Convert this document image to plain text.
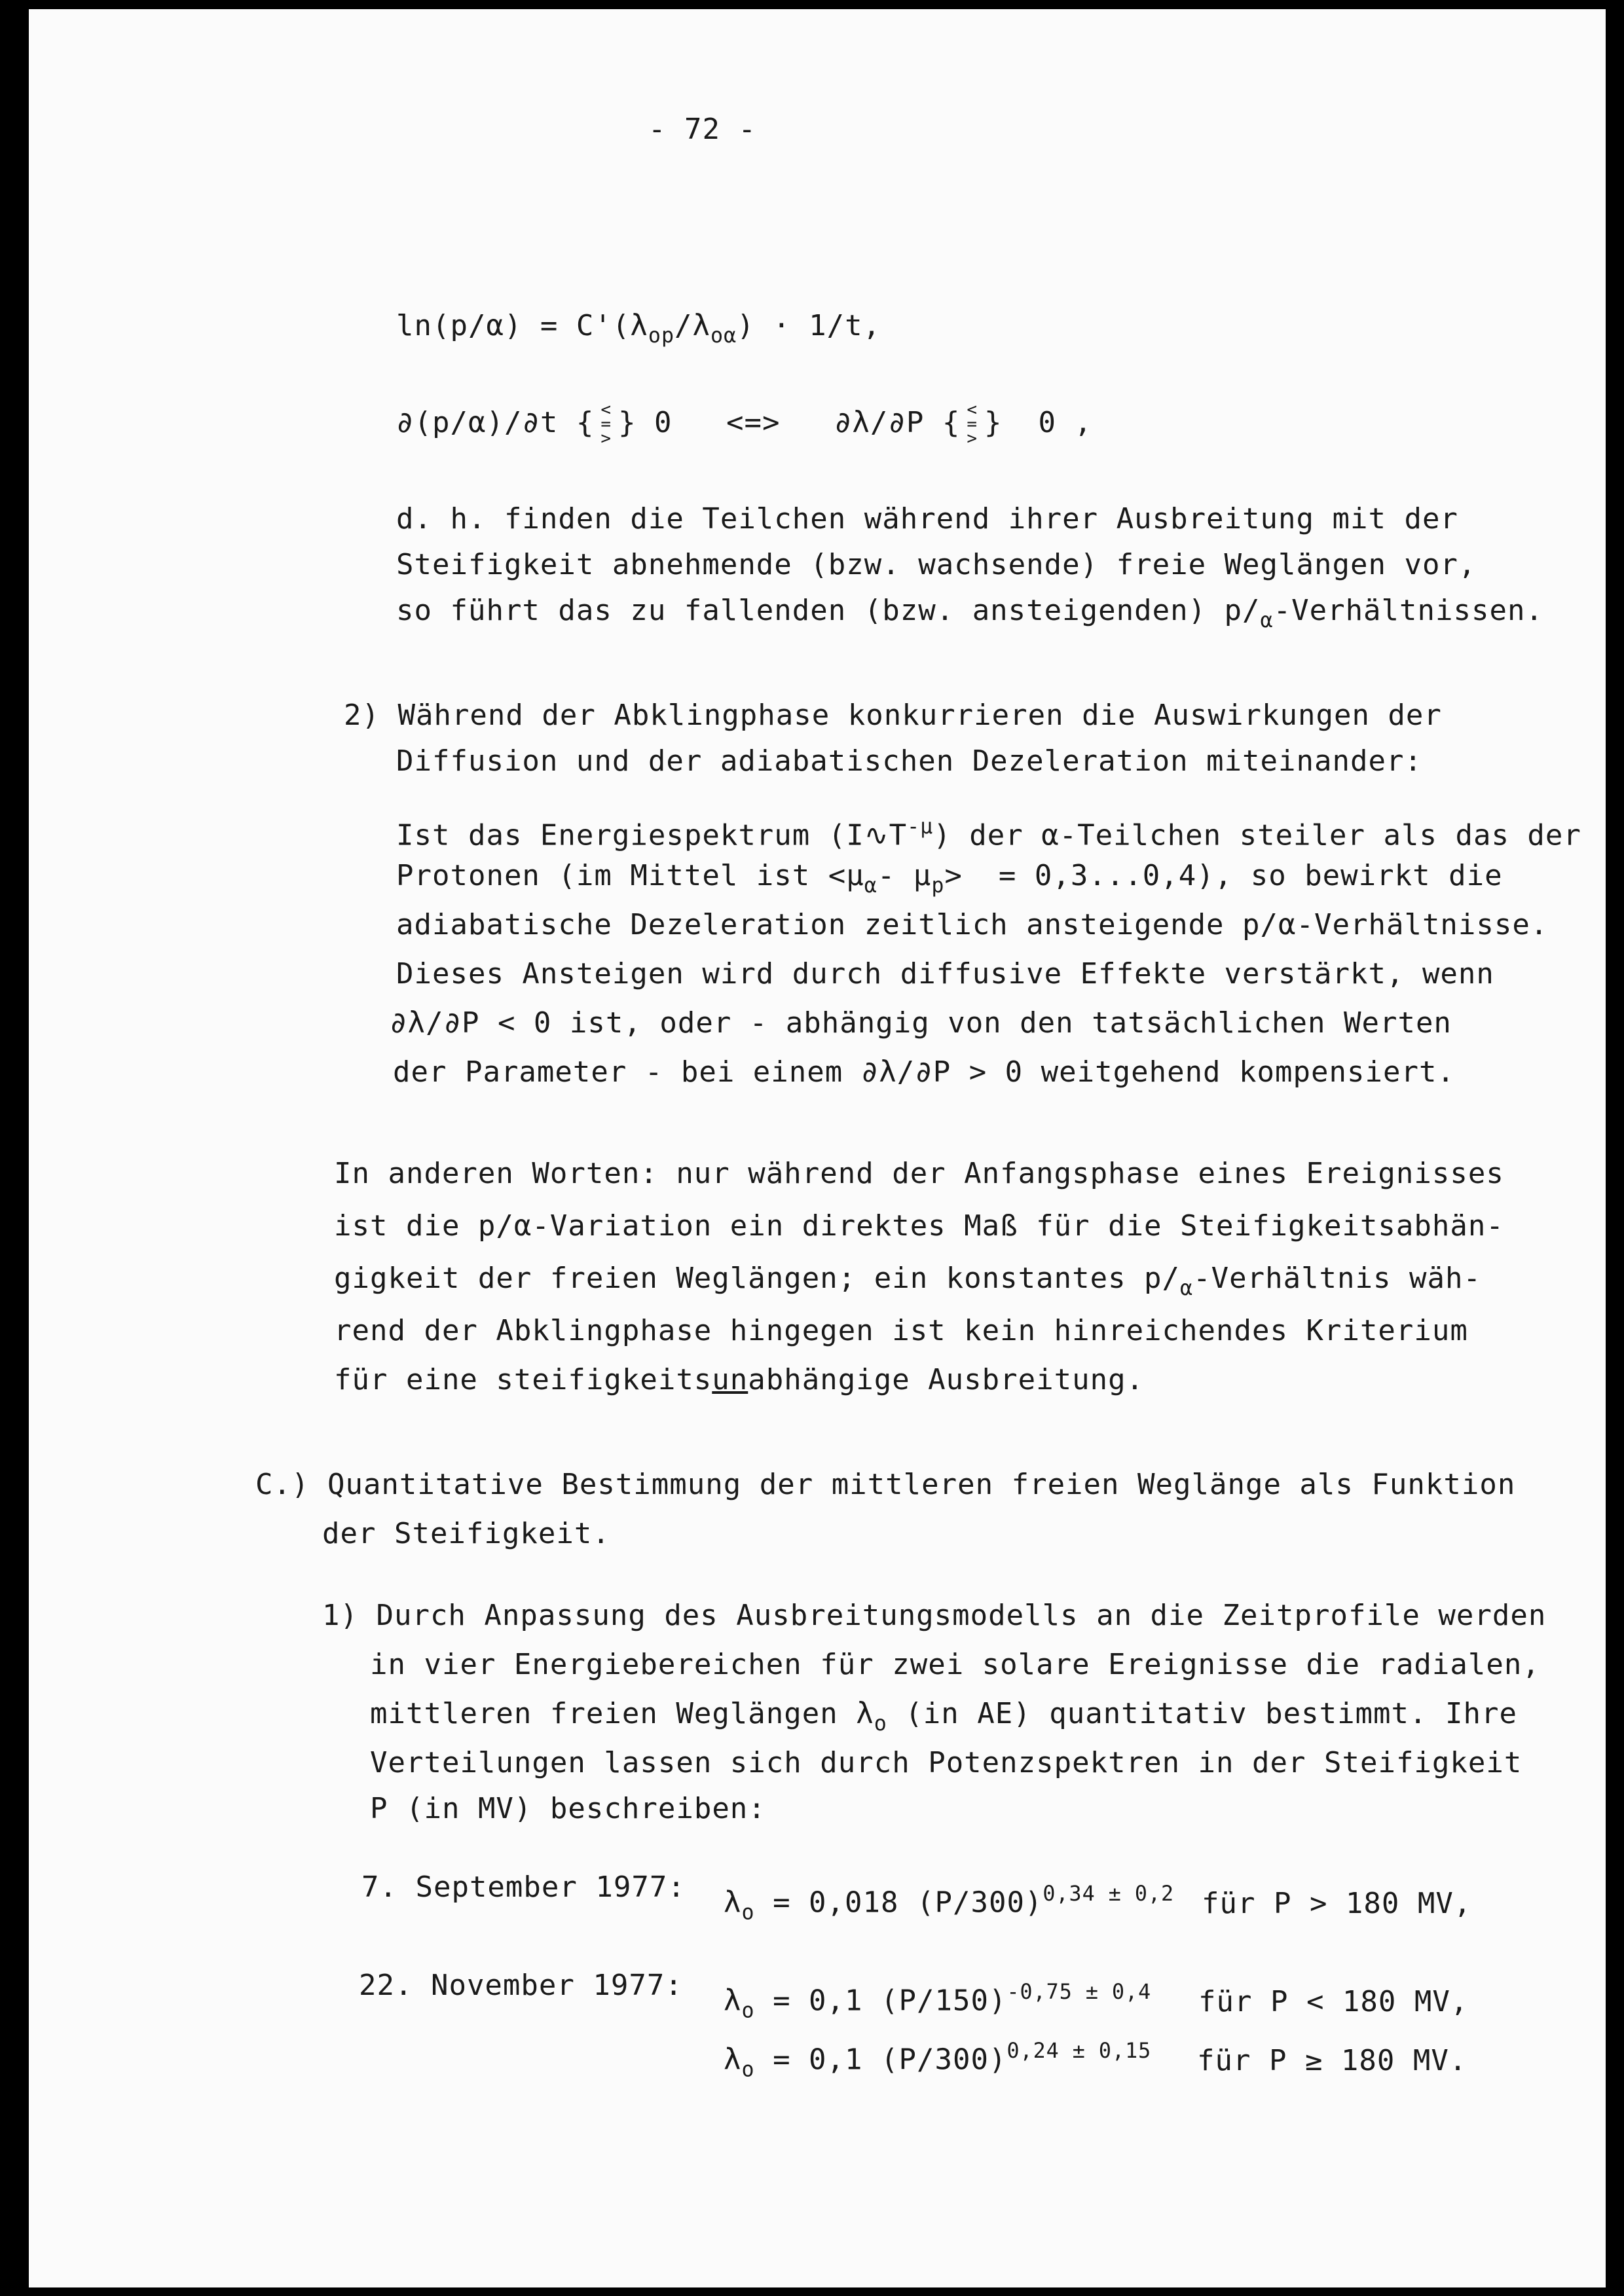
- 72 -
$\ln(p/\alpha) = C'(\lambda_{op}/\lambda_{o\alpha}) \cdot 1/t$,
∂(p/α)/∂t { <
=
> } 0   <=>   ∂λ/∂P { <
=
> }  0 ,
d. h. finden die Teilchen während ihrer Ausbreitung mit der
Steifigkeit abnehmende (bzw. wachsende) freie Weglängen vor,
so führt das zu fallenden (bzw. ansteigenden) $p/_\alpha$-Verhältnissen.
2) Während der Abklingphase konkurrieren die Auswirkungen der
Diffusion und der adiabatischen Dezeleration miteinander:
Ist das Energiespektrum $(I∿T^{-\mu})$ der α-Teilchen steiler als das der
Protonen (im Mittel ist $<\mu_\alpha-$ $\mu_p> = 0,3...0,4$), so bewirkt die
adiabatische Dezeleration zeitlich ansteigende p/α-Verhältnisse.
Dieses Ansteigen wird durch diffusive Effekte verstärkt, wenn
∂λ/∂P < 0 ist, oder - abhängig von den tatsächlichen Werten
der Parameter - bei einem ∂λ/∂P > 0 weitgehend kompensiert.
In anderen Worten: nur während der Anfangsphase eines Ereignisses
ist die p/α-Variation ein direktes Maß für die Steifigkeitsabhän-
gigkeit der freien Weglängen; ein konstantes $p/_\alpha$-Verhältnis wäh-
rend der Abklingphase hingegen ist kein hinreichendes Kriterium
für eine steifigkeitsunabhängige Ausbreitung.
C.) Quantitative Bestimmung der mittleren freien Weglänge als Funktion
der Steifigkeit.
1) Durch Anpassung des Ausbreitungsmodells an die Zeitprofile werden
in vier Energiebereichen für zwei solare Ereignisse die radialen,
mittleren freien Weglängen $\lambda_o$ (in AE) quantitativ bestimmt. Ihre
Verteilungen lassen sich durch Potenzspektren in der Steifigkeit
P (in MV) beschreiben:
7. September 1977: $\lambda_o = 0,018$ $(P/300)^{0,34 \pm 0,2}$ für P > 180 MV,
22. November 1977: $\lambda_o = 0,1$ $(P/150)^{-0,75 \pm 0,4}$ für P < 180 MV,
$\lambda_o = 0,1$ $(P/300)^{0,24 \pm 0,15}$ für P ≥ 180 MV.
